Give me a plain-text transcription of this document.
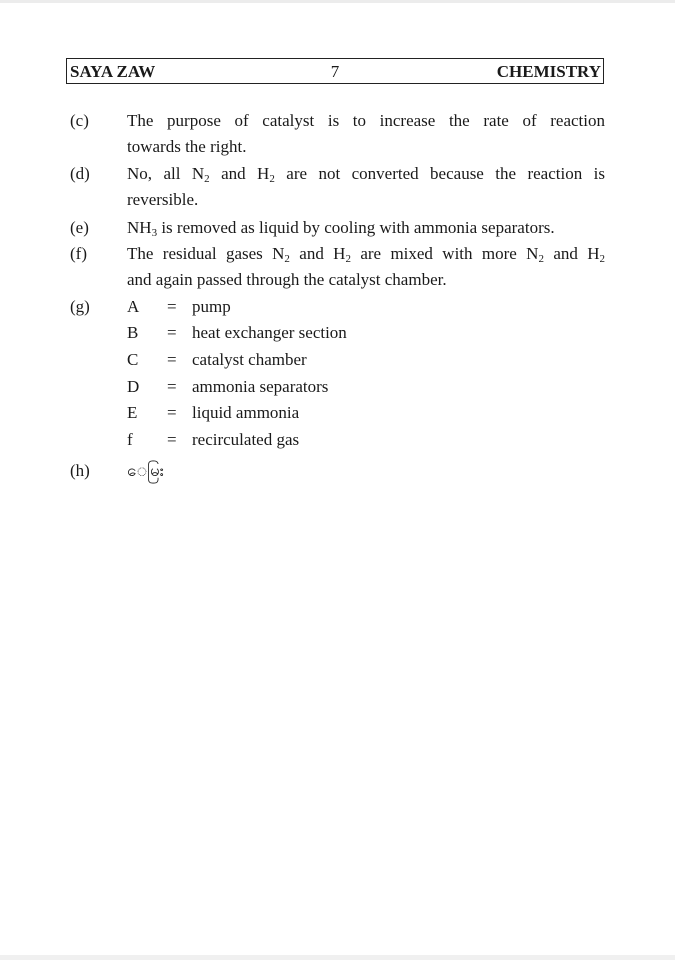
SAYA ZAW	7	CHEMISTRY
(c)	The purpose of catalyst is to increase the rate of reaction
towards the right.
(d)	No, all $N_2$ and $H_2$ are not converted because the reaction is
reversible.
(e)	$NH_3$ is removed as liquid by cooling with ammonia separators.
(f)	The residual gases $N_2$ and $H_2$ are mixed with more $N_2$ and $H_2$
and again passed through the catalyst chamber.
(g)	A	= pump
B	= heat exchanger section
C	= catalyst chamber
D	= ammonia separators
E	= liquid ammonia
f	= recirculated gas
(h)	ေမြး
